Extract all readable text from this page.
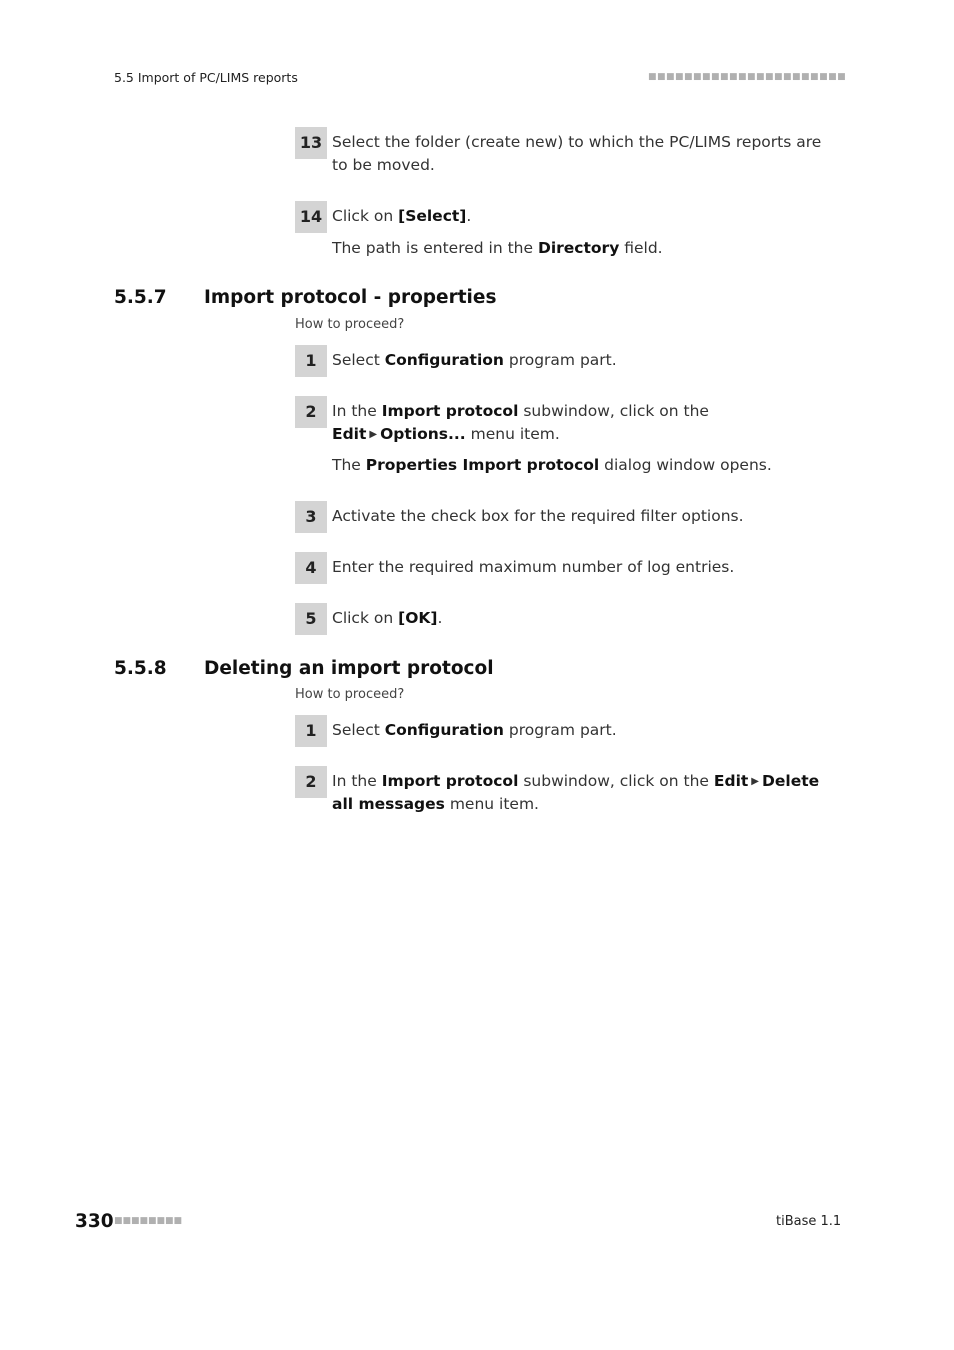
5.5 Import of PC/LIMS reports	■■■■■■■■■■■■■■■■■■■■■■
13 Select the folder (create new) to which the PC/LIMS reports are to be moved.
14 Click on [Select].
The path is entered in the Directory field.
5.5.7 Import protocol - properties
How to proceed?
1 Select Configuration program part.
2 In the Import protocol subwindow, click on the Edit ▶ Options... menu item.
The Properties Import protocol dialog window opens.
3 Activate the check box for the required filter options.
4 Enter the required maximum number of log entries.
5 Click on [OK].
5.5.8 Deleting an import protocol
How to proceed?
1 Select Configuration program part.
2 In the Import protocol subwindow, click on the Edit ▶ Delete all messages menu item.
330 ■■■■■■■■	tiBase 1.1
